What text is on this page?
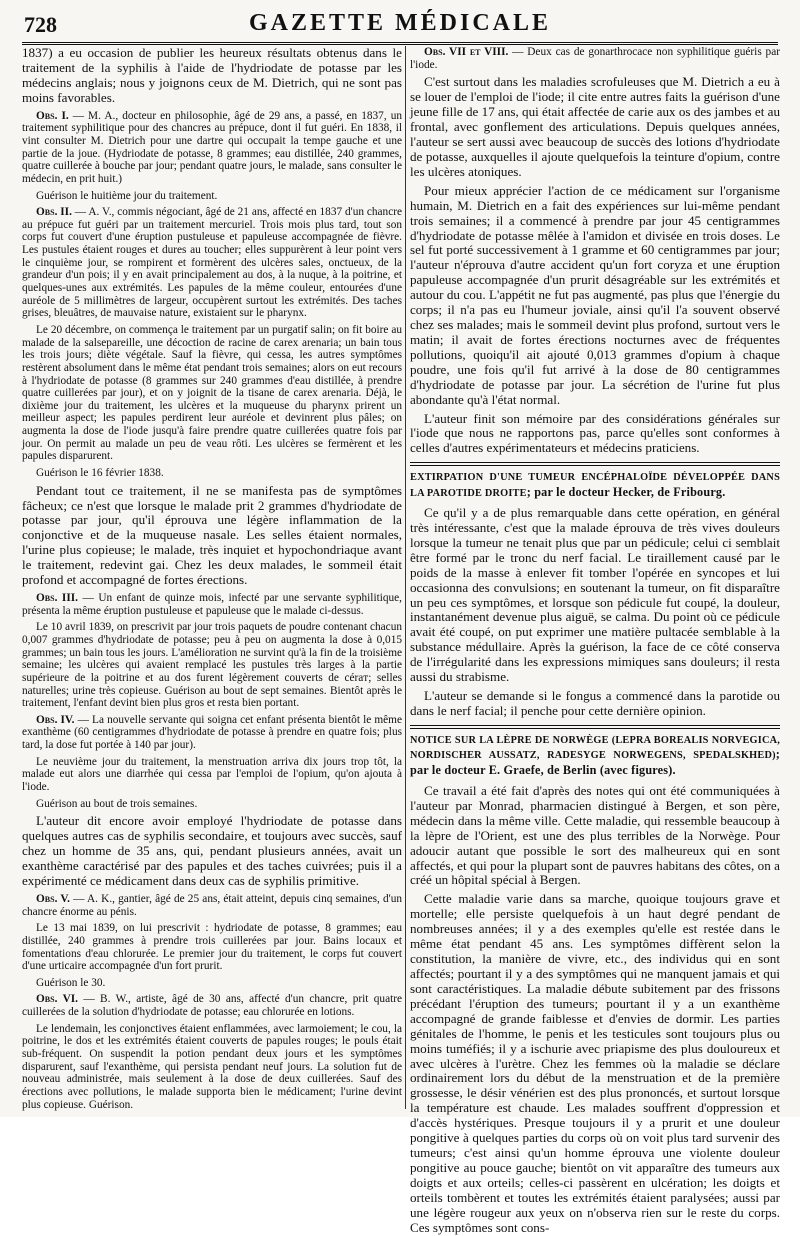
728	GAZETTE MÉDICALE

1837) a eu occasion de publier les heureux résultats obtenus dans le traitement de la syphilis à l'aide de l'hydriodate de potasse par les médecins anglais; nous y joignons ceux de M. Dietrich, qui ne sont pas moins favorables.

Obs. I. — M. A., docteur en philosophie, âgé de 29 ans, a passé, en 1837, un traitement syphilitique pour des chancres au prépuce, dont il fut guéri. En 1838, il vint consulter M. Dietrich pour une dartre qui occupait la tempe gauche et une partie de la joue. (Hydriodate de potasse, 8 grammes; eau distillée, 240 grammes, quatre cuillerée à bouche par jour; pendant quatre jours, le malade, sans consulter le médecin, en prit huit.)

Guérison le huitième jour du traitement.

Obs. II. — A. V., commis négociant, âgé de 21 ans, affecté en 1837 d'un chancre au prépuce fut guéri par un traitement mercuriel. Trois mois plus tard, tout son corps fut couvert d'une éruption pustuleuse et papuleuse accompagnée de fièvre. Les pustules étaient rouges et dures au toucher; elles suppurèrent à leur point vers le cinquième jour, se rompirent et formèrent des ulcères sales, onctueux, de la grandeur d'un pois; il y en avait principalement au dos, à la nuque, à la poitrine, et quelques-unes aux extrémités. Les papules de la même couleur, entourées d'une auréole de 5 millimètres de largeur, occupèrent surtout les extrémités. Des taches grises, bleuâtres, de mauvaise nature, existaient sur le pharynx.

Le 20 décembre, on commença le traitement par un purgatif salin; on fit boire au malade de la salsepareille, une décoction de racine de carex arenaria; un bain tous les trois jours; diète végétale. Sauf la fièvre, qui cessa, les autres symptômes restèrent absolument dans le même état pendant trois semaines; alors on eut recours à l'hydriodate de potasse (8 grammes sur 240 grammes d'eau distillée, à prendre quatre cuillerées par jour), et on y joignit de la tisane de carex arenaria. Déjà, le dixième jour du traitement, les ulcères et la muqueuse du pharynx prirent un meilleur aspect; les papules perdirent leur auréole et devinrent plus pâles; on augmenta la dose de l'iode jusqu'à faire prendre quatre cuillerées quatre fois par jour. On permit au malade un peu de veau rôti. Les ulcères se fermèrent et les papules disparurent.

Guérison le 16 février 1838.

Pendant tout ce traitement, il ne se manifesta pas de symptômes fâcheux; ce n'est que lorsque le malade prit 2 grammes d'hydriodate de potasse par jour, qu'il éprouva une légère inflammation de la conjonctive et de la muqueuse nasale. Les selles étaient normales, l'urine plus copieuse; le malade, très inquiet et hypochondriaque avant le traitement, redevint gai. Chez les deux malades, le sommeil était profond et accompagné de fortes érections.

Obs. III. — Un enfant de quinze mois, infecté par une servante syphilitique, présenta la même éruption pustuleuse et papuleuse que le malade ci-dessus.

Le 10 avril 1839, on prescrivit par jour trois paquets de poudre contenant chacun 0,007 grammes d'hydriodate de potasse; peu à peu on augmenta la dose à 0,015 grammes; un bain tous les jours. L'amélioration ne survint qu'à la fin de la troisième semaine; les ulcères qui avaient remplacé les pustules très larges à la partie supérieure de la poitrine et au dos furent légèrement couverts de céraт; selles naturelles; urine très copieuse. Guérison au bout de sept semaines. Bientôt après le traitement, l'enfant devint bien plus gros et resta bien portant.

Obs. IV. — La nouvelle servante qui soigna cet enfant présenta bientôt le même exanthème (60 centigrammes d'hydriodate de potasse à prendre en quatre fois; plus tard, la dose fut portée à 140 par jour).

Le neuvième jour du traitement, la menstruation arriva dix jours trop tôt, la malade eut alors une diarrhée qui cessa par l'emploi de l'opium, qu'on ajouta à l'iode.

Guérison au bout de trois semaines.

L'auteur dit encore avoir employé l'hydriodate de potasse dans quelques autres cas de syphilis secondaire, et toujours avec succès, sauf chez un homme de 35 ans, qui, pendant plusieurs années, avait un exanthème caractérisé par des papules et des taches cuivrées; puis il a expérimenté ce médicament dans deux cas de syphilis primitive.

Obs. V. — A. K., gantier, âgé de 25 ans, était atteint, depuis cinq semaines, d'un chancre énorme au pénis.

Le 13 mai 1839, on lui prescrivit : hydriodate de potasse, 8 grammes; eau distillée, 240 grammes à prendre trois cuillerées par jour. Bains locaux et fomentations d'eau chlorurée. Le premier jour du traitement, le corps fut couvert d'une urticaire accompagnée d'un fort prurit.

Guérison le 30.

Obs. VI. — B. W., artiste, âgé de 30 ans, affecté d'un chancre, prit quatre cuillerées de la solution d'hydriodate de potasse; eau chlorurée en lotions.

Le lendemain, les conjonctives étaient enflammées, avec larmoiement; le cou, la poitrine, le dos et les extrémités étaient couverts de papules rouges; le pouls était sub-fréquent. On suspendit la potion pendant deux jours et les symptômes disparurent, sauf l'exanthème, qui persista pendant neuf jours. La solution fut de nouveau administrée, mais seulement à la dose de deux cuillerées. Sauf des érections avec pollutions, le malade supporta bien le médicament; l'urine devint plus copieuse. Guérison.

Obs. VII et VIII. — Deux cas de gonarthrocace non syphilitique guéris par l'iode.

C'est surtout dans les maladies scrofuleuses que M. Dietrich a eu à se louer de l'emploi de l'iode; il cite entre autres faits la guérison d'une jeune fille de 17 ans, qui était affectée de carie aux os des jambes et au frontal, avec gonflement des articulations. Depuis quelques années, l'auteur se sert aussi avec beaucoup de succès des lotions d'hydriodate de potasse, auxquelles il ajoute quelquefois la teinture d'opium, contre les ulcères atoniques.

Pour mieux apprécier l'action de ce médicament sur l'organisme humain, M. Dietrich en a fait des expériences sur lui-même pendant trois semaines; il a commencé à prendre par jour 45 centigrammes d'hydriodate de potasse mêlée à l'amidon et divisée en trois doses. Le sel fut porté successivement à 1 gramme et 60 centigrammes par jour; l'auteur n'éprouva d'autre accident qu'un fort coryza et une éruption papuleuse accompagnée d'un prurit désagréable sur les extrémités et autour du cou. L'appétit ne fut pas augmenté, pas plus que l'énergie du corps; il n'a pas eu l'humeur joviale, ainsi qu'il l'a souvent observé chez ses malades; mais le sommeil devint plus profond, surtout vers le matin; il avait de fortes érections nocturnes avec de fréquentes pollutions, quoiqu'il ait ajouté 0,013 grammes d'opium à chaque poudre, une fois qu'il fut arrivé à la dose de 80 centigrammes d'hydriodate de potasse par jour. La sécrétion de l'urine fut plus abondante qu'à l'état normal.

L'auteur finit son mémoire par des considérations générales sur l'iode que nous ne rapportons pas, parce qu'elles sont conformes à celles d'autres expérimentateurs et médecins praticiens.

EXTIRPATION D'UNE TUMEUR ENCÉPHALOÏDE DÉVELOPPÉE DANS LA PAROTIDE DROITE; par le docteur Hecker, de Fribourg.

Ce qu'il y a de plus remarquable dans cette opération, en général très intéressante, c'est que la malade éprouva de très vives douleurs lorsque la tumeur ne tenait plus que par un pédicule; celui ci semblait être formé par le tronc du nerf facial. Le tiraillement causé par le poids de la masse à enlever fit tomber l'opérée en syncopes et lui occasionna des convulsions; en soutenant la tumeur, on fit disparaître un peu ces symptômes, et lorsque son pédicule fut coupé, la douleur, instantanément devenue plus aiguë, se calma. Du point où ce pédicule avait été coupé, on put exprimer une matière pultacée semblable à la substance médullaire. Après la guérison, la face de ce côté conserva de l'irrégularité dans les expressions mimiques sans douleurs; il resta aussi du strabisme.

L'auteur se demande si le fongus a commencé dans la parotide ou dans le nerf facial; il penche pour cette dernière opinion.

NOTICE SUR LA LÈPRE DE NORWÈGE (LEPRA BOREALIS NORVEGICA, NORDISCHER AUSSATZ, RADESYGE NORWEGENS, SPEDALSKHED); par le docteur E. Graefe, de Berlin (avec figures).

Ce travail a été fait d'après des notes qui ont été communiquées à l'auteur par Monrad, pharmacien distingué à Bergen, et son père, médecin dans la même ville. Cette maladie, qui ressemble beaucoup à la lèpre de l'Orient, est une des plus terribles de la Norwège. Pour adoucir autant que possible le sort des malheureux qui en sont affectés, et qui pour la plupart sont de pauvres habitans des côtes, on a créé un hôpital spécial à Bergen.

Cette maladie varie dans sa marche, quoique toujours grave et mortelle; elle persiste quelquefois à un haut degré pendant de nombreuses années; il y a des exemples qu'elle est restée dans le même état pendant 45 ans. Les symptômes diffèrent selon la constitution, la manière de vivre, etc., des individus qui en sont affectés; pourtant il y a des symptômes qui ne manquent jamais et qui sont caractéristiques. La maladie débute subitement par des frissons précédant l'éruption des tumeurs; pourtant il y a un exanthème accompagné de grande faiblesse et d'envies de dormir. Les parties génitales de l'homme, le penis et les testicules sont toujours plus ou moins tuméfiés; il y a ischurie avec priapisme des plus douloureux et avec ulcères à l'urètre. Chez les femmes où la maladie se déclare ordinairement lors du début de la menstruation et de la première grossesse, le désir vénérien est des plus prononcés, et surtout lorsque la température est chaude. Les malades souffrent d'oppression et d'accès hystériques. Presque toujours il y a prurit et une douleur pongitive à quelques parties du corps où on voit plus tard survenir des tumeurs; c'est ainsi qu'un homme éprouva une violente douleur pongitive au pouce gauche; bientôt on vit apparaître des tumeurs aux doigts et aux orteils; celles-ci passèrent en ulcération; les doigts et orteils tombèrent et toutes les extrémités étaient paralysées; aussi par une légère rougeur aux yeux on n'observa rien sur le reste du corps. Ces symptômes sont cons-
